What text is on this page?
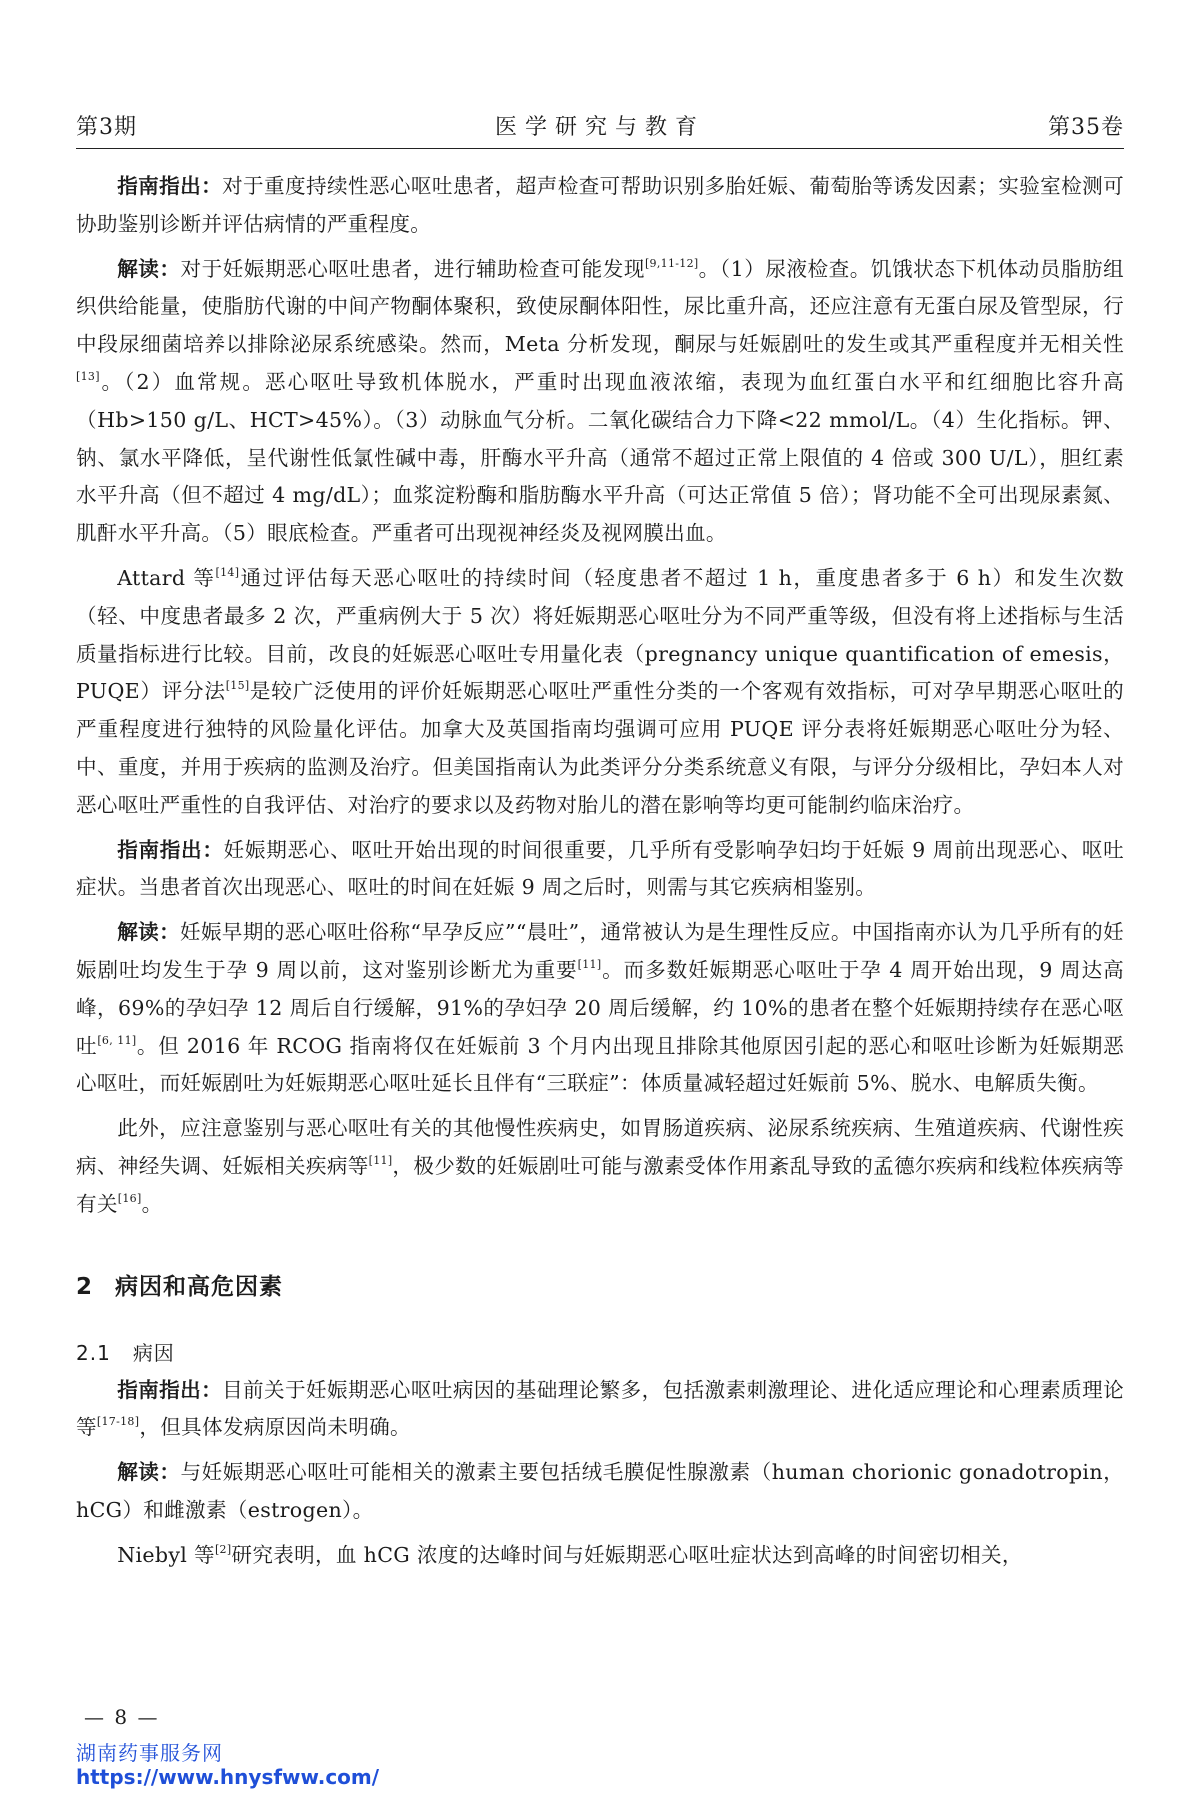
第3期	医学研究与教育	第35卷

指南指出：对于重度持续性恶心呕吐患者，超声检查可帮助识别多胎妊娠、葡萄胎等诱发因素；实验室检测可协助鉴别诊断并评估病情的严重程度。

解读：对于妊娠期恶心呕吐患者，进行辅助检查可能发现[9,11-12]。（1）尿液检查。饥饿状态下机体动员脂肪组织供给能量，使脂肪代谢的中间产物酮体聚积，致使尿酮体阳性，尿比重升高，还应注意有无蛋白尿及管型尿，行中段尿细菌培养以排除泌尿系统感染。然而，Meta 分析发现，酮尿与妊娠剧吐的发生或其严重程度并无相关性[13]。（2）血常规。恶心呕吐导致机体脱水，严重时出现血液浓缩，表现为血红蛋白水平和红细胞比容升高（Hb>150 g/L、HCT>45%）。（3）动脉血气分析。二氧化碳结合力下降<22 mmol/L。（4）生化指标。钾、钠、氯水平降低，呈代谢性低氯性碱中毒，肝酶水平升高（通常不超过正常上限值的 4 倍或 300 U/L），胆红素水平升高（但不超过 4 mg/dL）；血浆淀粉酶和脂肪酶水平升高（可达正常值 5 倍）；肾功能不全可出现尿素氮、肌酐水平升高。（5）眼底检查。严重者可出现视神经炎及视网膜出血。

Attard 等[14]通过评估每天恶心呕吐的持续时间（轻度患者不超过 1 h，重度患者多于 6 h）和发生次数（轻、中度患者最多 2 次，严重病例大于 5 次）将妊娠期恶心呕吐分为不同严重等级，但没有将上述指标与生活质量指标进行比较。目前，改良的妊娠恶心呕吐专用量化表（pregnancy unique quantification of emesis，PUQE）评分法[15]是较广泛使用的评价妊娠期恶心呕吐严重性分类的一个客观有效指标，可对孕早期恶心呕吐的严重程度进行独特的风险量化评估。加拿大及英国指南均强调可应用 PUQE 评分表将妊娠期恶心呕吐分为轻、中、重度，并用于疾病的监测及治疗。但美国指南认为此类评分分类系统意义有限，与评分分级相比，孕妇本人对恶心呕吐严重性的自我评估、对治疗的要求以及药物对胎儿的潜在影响等均更可能制约临床治疗。

指南指出：妊娠期恶心、呕吐开始出现的时间很重要，几乎所有受影响孕妇均于妊娠 9 周前出现恶心、呕吐症状。当患者首次出现恶心、呕吐的时间在妊娠 9 周之后时，则需与其它疾病相鉴别。

解读：妊娠早期的恶心呕吐俗称“早孕反应”“晨吐”，通常被认为是生理性反应。中国指南亦认为几乎所有的妊娠剧吐均发生于孕 9 周以前，这对鉴别诊断尤为重要[11]。而多数妊娠期恶心呕吐于孕 4 周开始出现，9 周达高峰，69%的孕妇孕 12 周后自行缓解，91%的孕妇孕 20 周后缓解，约 10%的患者在整个妊娠期持续存在恶心呕吐[6, 11]。但 2016 年 RCOG 指南将仅在妊娠前 3 个月内出现且排除其他原因引起的恶心和呕吐诊断为妊娠期恶心呕吐，而妊娠剧吐为妊娠期恶心呕吐延长且伴有“三联症”：体质量减轻超过妊娠前 5%、脱水、电解质失衡。

此外，应注意鉴别与恶心呕吐有关的其他慢性疾病史，如胃肠道疾病、泌尿系统疾病、生殖道疾病、代谢性疾病、神经失调、妊娠相关疾病等[11]，极少数的妊娠剧吐可能与激素受体作用紊乱导致的孟德尔疾病和线粒体疾病等有关[16]。

2 病因和高危因素
2.1 病因

指南指出：目前关于妊娠期恶心呕吐病因的基础理论繁多，包括激素刺激理论、进化适应理论和心理素质理论等[17-18]，但具体发病原因尚未明确。

解读：与妊娠期恶心呕吐可能相关的激素主要包括绒毛膜促性腺激素（human chorionic gonadotropin，hCG）和雌激素（estrogen）。

Niebyl 等[2]研究表明，血 hCG 浓度的达峰时间与妊娠期恶心呕吐症状达到高峰的时间密切相关，

— 8 —
湖南药事服务网
https://www.hnysfww.com/
